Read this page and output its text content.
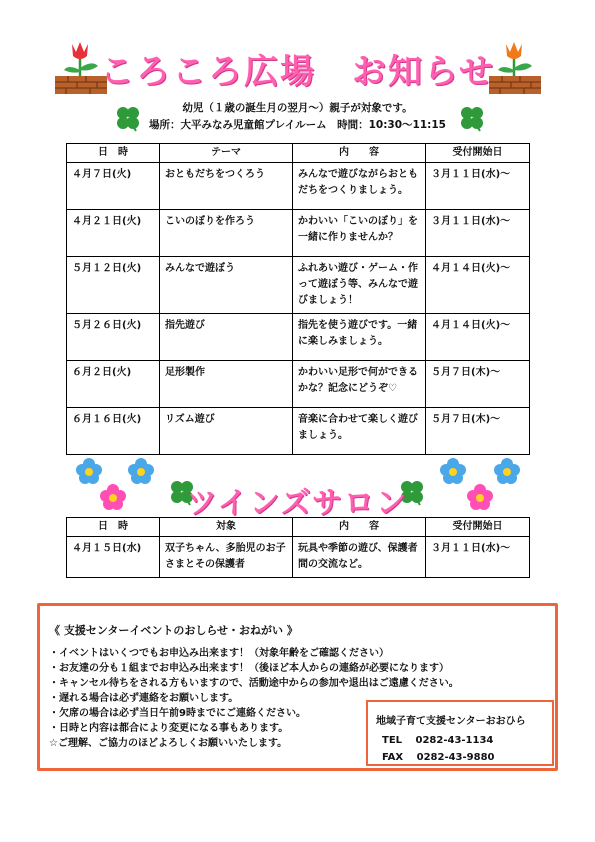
ころころ広場　お知らせ
幼児（１歳の誕生月の翌月～）親子が対象です。
場所：大平みなみ児童館プレイルーム　時間：10:30～11:15
日　時	テーマ	内　　容	受付開始日
４月７日(火)	おともだちをつくろう	みんなで遊びながらおともだちをつくりましょう。	３月１１日(水)～
４月２１日(火)	こいのぼりを作ろう	かわいい「こいのぼり」を一緒に作りませんか？	３月１１日(水)～
５月１２日(火)	みんなで遊ぼう	ふれあい遊び・ゲーム・作って遊ぼう等、みんなで遊びましょう！	４月１４日(火)～
５月２６日(火)	指先遊び	指先を使う遊びです。一緒に楽しみましょう。	４月１４日(火)～
６月２日(火)	足形製作	かわいい足形で何ができるかな？記念にどうぞ♡	５月７日(木)～
６月１６日(火)	リズム遊び	音楽に合わせて楽しく遊びましょう。	５月７日(木)～
ツインズサロン
日　時	対象	内　　容	受付開始日
４月１５日(水)	双子ちゃん、多胎児のお子さまとその保護者	玩具や季節の遊び、保護者間の交流など。	３月１１日(水)～
《 支援センターイベントのおしらせ・おねがい 》
・イベントはいくつでもお申込み出来ます！（対象年齢をご確認ください）
・お友達の分も１組までお申込み出来ます！（後ほど本人からの連絡が必要になります）
・キャンセル待ちをされる方もいますので、活動途中からの参加や退出はご遠慮ください。
・遅れる場合は必ず連絡をお願いします。
・欠席の場合は必ず当日午前9時までにご連絡ください。
・日時と内容は都合により変更になる事もあります。
☆ご理解、ご協力のほどよろしくお願いいたします。
地域子育て支援センターおおひら
TEL　 0282-43-1134
FAX　 0282-43-9880
